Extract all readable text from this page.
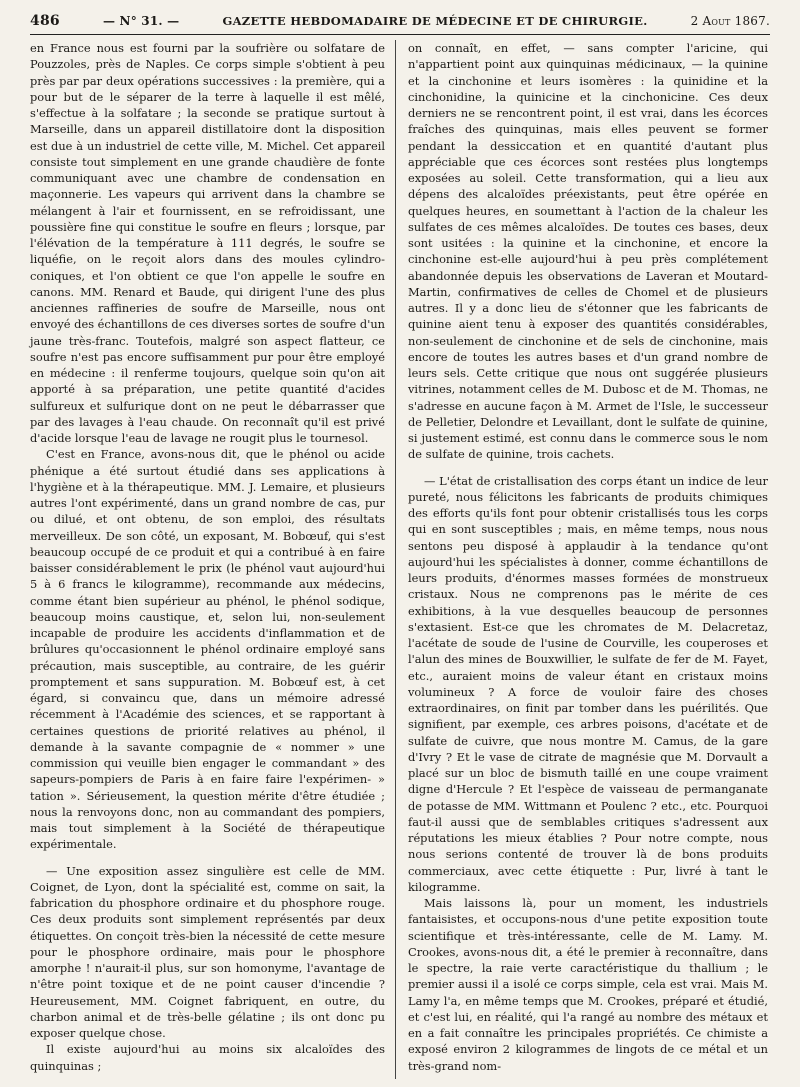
486	— N° 31. —	GAZETTE HEBDOMADAIRE DE MÉDECINE ET DE CHIRURGIE.	2 Aout 1867.

en France nous est fourni par la soufrière ou solfatare de Pouzzoles, près de Naples. Ce corps simple s'obtient à peu près par par deux opérations successives : la première, qui a pour but de le séparer de la terre à laquelle il est mêlé, s'effectue à la solfatare ; la seconde se pratique surtout à Marseille, dans un appareil distillatoire dont la disposition est due à un industriel de cette ville, M. Michel. Cet appareil consiste tout simplement en une grande chaudière de fonte communiquant avec une chambre de condensation en maçonnerie. Les vapeurs qui arrivent dans la chambre se mélangent à l'air et fournissent, en se refroidissant, une poussière fine qui constitue le soufre en fleurs ; lorsque, par l'élévation de la température à 111 degrés, le soufre se liquéfie, on le reçoit alors dans des moules cylindro-coniques, et l'on obtient ce que l'on appelle le soufre en canons. MM. Renard et Baude, qui dirigent l'une des plus anciennes raffineries de soufre de Marseille, nous ont envoyé des échantillons de ces diverses sortes de soufre d'un jaune très-franc. Toutefois, malgré son aspect flatteur, ce soufre n'est pas encore suffisamment pur pour être employé en médecine : il renferme toujours, quelque soin qu'on ait apporté à sa préparation, une petite quantité d'acides sulfureux et sulfurique dont on ne peut le débarrasser que par des lavages à l'eau chaude. On reconnaît qu'il est privé d'acide lorsque l'eau de lavage ne rougit plus le tournesol.

C'est en France, avons-nous dit, que le phénol ou acide phénique a été surtout étudié dans ses applications à l'hygiène et à la thérapeutique. MM. J. Lemaire, et plusieurs autres l'ont expérimenté, dans un grand nombre de cas, pur ou dilué, et ont obtenu, de son emploi, des résultats merveilleux. De son côté, un exposant, M. Bobœuf, qui s'est beaucoup occupé de ce produit et qui a contribué à en faire baisser considérablement le prix (le phénol vaut aujourd'hui 5 à 6 francs le kilogramme), recommande aux médecins, comme étant bien supérieur au phénol, le phénol sodique, beaucoup moins caustique, et, selon lui, non-seulement incapable de produire les accidents d'inflammation et de brûlures qu'occasionnent le phénol ordinaire employé sans précaution, mais susceptible, au contraire, de les guérir promptement et sans suppuration. M. Bobœuf est, à cet égard, si convaincu que, dans un mémoire adressé récemment à l'Académie des sciences, et se rapportant à certaines questions de priorité relatives au phénol, il demande à la savante compagnie de « nommer » une commission qui veuille bien engager le commandant » des sapeurs-pompiers de Paris à en faire faire l'expérimen- » tation ». Sérieusement, la question mérite d'être étudiée ; nous la renvoyons donc, non au commandant des pompiers, mais tout simplement à la Société de thérapeutique expérimentale.

— Une exposition assez singulière est celle de MM. Coignet, de Lyon, dont la spécialité est, comme on sait, la fabrication du phosphore ordinaire et du phosphore rouge. Ces deux produits sont simplement représentés par deux étiquettes. On conçoit très-bien la nécessité de cette mesure pour le phosphore ordinaire, mais pour le phosphore amorphe ! n'aurait-il plus, sur son homonyme, l'avantage de n'être point toxique et de ne point causer d'incendie ? Heureusement, MM. Coignet fabriquent, en outre, du charbon animal et de très-belle gélatine ; ils ont donc pu exposer quelque chose.

Il existe aujourd'hui au moins six alcaloïdes des quinquinas ;

on connaît, en effet, — sans compter l'aricine, qui n'appartient point aux quinquinas médicinaux, — la quinine et la cinchonine et leurs isomères : la quinidine et la cinchonidine, la quinicine et la cinchonicine. Ces deux derniers ne se rencontrent point, il est vrai, dans les écorces fraîches des quinquinas, mais elles peuvent se former pendant la dessiccation et en quantité d'autant plus appréciable que ces écorces sont restées plus longtemps exposées au soleil. Cette transformation, qui a lieu aux dépens des alcaloïdes préexistants, peut être opérée en quelques heures, en soumettant à l'action de la chaleur les sulfates de ces mêmes alcaloïdes. De toutes ces bases, deux sont usitées : la quinine et la cinchonine, et encore la cinchonine est-elle aujourd'hui à peu près complétement abandonnée depuis les observations de Laveran et Moutard-Martin, confirmatives de celles de Chomel et de plusieurs autres. Il y a donc lieu de s'étonner que les fabricants de quinine aient tenu à exposer des quantités considérables, non-seulement de cinchonine et de sels de cinchonine, mais encore de toutes les autres bases et d'un grand nombre de leurs sels. Cette critique que nous ont suggérée plusieurs vitrines, notamment celles de M. Dubosc et de M. Thomas, ne s'adresse en aucune façon à M. Armet de l'Isle, le successeur de Pelletier, Delondre et Levaillant, dont le sulfate de quinine, si justement estimé, est connu dans le commerce sous le nom de sulfate de quinine, trois cachets.

— L'état de cristallisation des corps étant un indice de leur pureté, nous félicitons les fabricants de produits chimiques des efforts qu'ils font pour obtenir cristallisés tous les corps qui en sont susceptibles ; mais, en même temps, nous nous sentons peu disposé à applaudir à la tendance qu'ont aujourd'hui les spécialistes à donner, comme échantillons de leurs produits, d'énormes masses formées de monstrueux cristaux. Nous ne comprenons pas le mérite de ces exhibitions, à la vue desquelles beaucoup de personnes s'extasient. Est-ce que les chromates de M. Delacretaz, l'acétate de soude de l'usine de Courville, les couperoses et l'alun des mines de Bouxwillier, le sulfate de fer de M. Fayet, etc., auraient moins de valeur étant en cristaux moins volumineux ? A force de vouloir faire des choses extraordinaires, on finit par tomber dans les puérilités. Que signifient, par exemple, ces arbres poisons, d'acétate et de sulfate de cuivre, que nous montre M. Camus, de la gare d'Ivry ? Et le vase de citrate de magnésie que M. Dorvault a placé sur un bloc de bismuth taillé en une coupe vraiment digne d'Hercule ? Et l'espèce de vaisseau de permanganate de potasse de MM. Wittmann et Poulenc ? etc., etc. Pourquoi faut-il aussi que de semblables critiques s'adressent aux réputations les mieux établies ? Pour notre compte, nous nous serions contenté de trouver là de bons produits commerciaux, avec cette étiquette : Pur, livré à tant le kilogramme.

Mais laissons là, pour un moment, les industriels fantaisistes, et occupons-nous d'une petite exposition toute scientifique et très-intéressante, celle de M. Lamy. M. Crookes, avons-nous dit, a été le premier à reconnaître, dans le spectre, la raie verte caractéristique du thallium ; le premier aussi il a isolé ce corps simple, cela est vrai. Mais M. Lamy l'a, en même temps que M. Crookes, préparé et étudié, et c'est lui, en réalité, qui l'a rangé au nombre des métaux et en a fait connaître les principales propriétés. Ce chimiste a exposé environ 2 kilogrammes de lingots de ce métal et un très-grand nom-
